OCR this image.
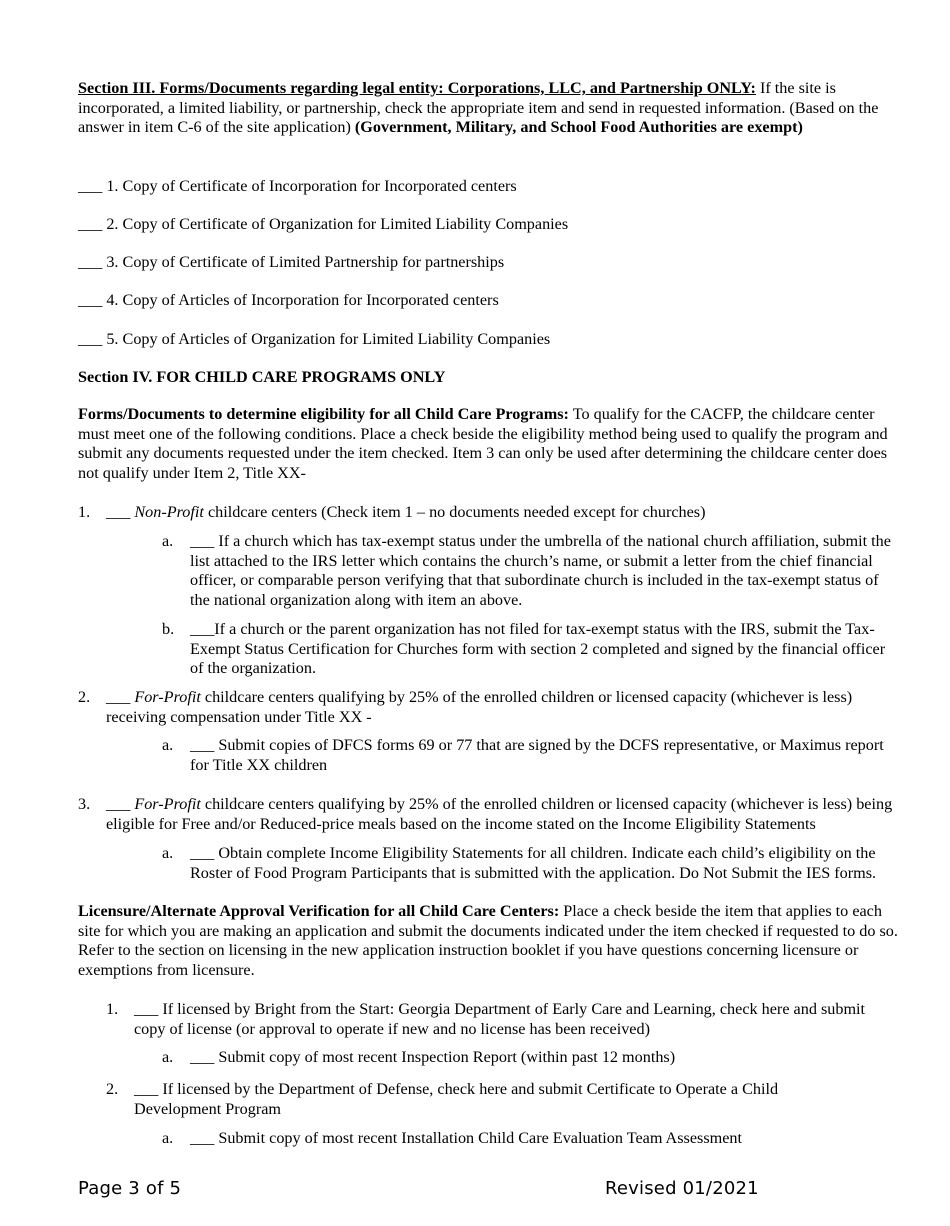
Section III. Forms/Documents regarding legal entity: Corporations, LLC, and Partnership ONLY: If the site is incorporated, a limited liability, or partnership, check the appropriate item and send in requested information. (Based on the answer in item C-6 of the site application) (Government, Military, and School Food Authorities are exempt)
___ 1. Copy of Certificate of Incorporation for Incorporated centers
___ 2. Copy of Certificate of Organization for Limited Liability Companies
___ 3. Copy of Certificate of Limited Partnership for partnerships
___ 4. Copy of Articles of Incorporation for Incorporated centers
___ 5. Copy of Articles of Organization for Limited Liability Companies
Section IV. FOR CHILD CARE PROGRAMS ONLY
Forms/Documents to determine eligibility for all Child Care Programs: To qualify for the CACFP, the childcare center must meet one of the following conditions. Place a check beside the eligibility method being used to qualify the program and submit any documents requested under the item checked. Item 3 can only be used after determining the childcare center does not qualify under Item 2, Title XX-
1. ___ Non-Profit childcare centers (Check item 1 – no documents needed except for churches)
a. ___ If a church which has tax-exempt status under the umbrella of the national church affiliation, submit the list attached to the IRS letter which contains the church’s name, or submit a letter from the chief financial officer, or comparable person verifying that that subordinate church is included in the tax-exempt status of the national organization along with item an above.
b. ___If a church or the parent organization has not filed for tax-exempt status with the IRS, submit the Tax-Exempt Status Certification for Churches form with section 2 completed and signed by the financial officer of the organization.
2. ___ For-Profit childcare centers qualifying by 25% of the enrolled children or licensed capacity (whichever is less) receiving compensation under Title XX -
a. ___ Submit copies of DFCS forms 69 or 77 that are signed by the DCFS representative, or Maximus report for Title XX children
3. ___ For-Profit childcare centers qualifying by 25% of the enrolled children or licensed capacity (whichever is less) being eligible for Free and/or Reduced-price meals based on the income stated on the Income Eligibility Statements
a. ___ Obtain complete Income Eligibility Statements for all children. Indicate each child’s eligibility on the Roster of Food Program Participants that is submitted with the application. Do Not Submit the IES forms.
Licensure/Alternate Approval Verification for all Child Care Centers: Place a check beside the item that applies to each site for which you are making an application and submit the documents indicated under the item checked if requested to do so. Refer to the section on licensing in the new application instruction booklet if you have questions concerning licensure or exemptions from licensure.
1. ___ If licensed by Bright from the Start: Georgia Department of Early Care and Learning, check here and submit copy of license (or approval to operate if new and no license has been received)
a. ___ Submit copy of most recent Inspection Report (within past 12 months)
2. ___ If licensed by the Department of Defense, check here and submit Certificate to Operate a Child Development Program
a. ___ Submit copy of most recent Installation Child Care Evaluation Team Assessment
Page 3 of 5	Revised 01/2021
